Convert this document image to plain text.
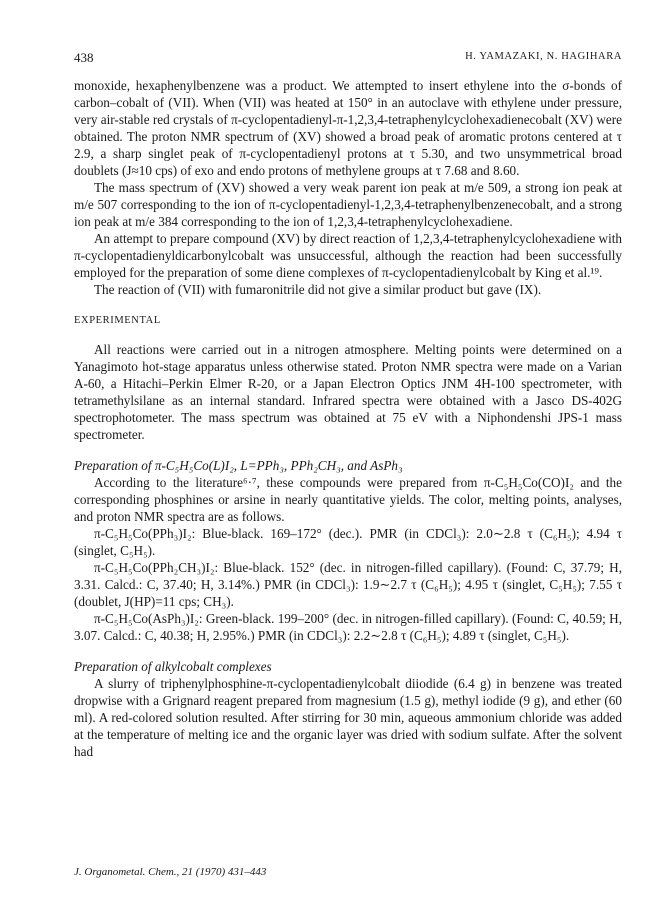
438	H. YAMAZAKI, N. HAGIHARA

monoxide, hexaphenylbenzene was a product. We attempted to insert ethylene into the σ-bonds of carbon–cobalt of (VII). When (VII) was heated at 150° in an autoclave with ethylene under pressure, very air-stable red crystals of π-cyclopentadienyl-π-1,2,3,4-tetraphenylcyclohexadienecobalt (XV) were obtained. The proton NMR spectrum of (XV) showed a broad peak of aromatic protons centered at τ 2.9, a sharp singlet peak of π-cyclopentadienyl protons at τ 5.30, and two unsymmetrical broad doublets (J≈10 cps) of exo and endo protons of methylene groups at τ 7.68 and 8.60.

The mass spectrum of (XV) showed a very weak parent ion peak at m/e 509, a strong ion peak at m/e 507 corresponding to the ion of π-cyclopentadienyl-1,2,3,4-tetraphenylbenzenecobalt, and a strong ion peak at m/e 384 corresponding to the ion of 1,2,3,4-tetraphenylcyclohexadiene.

An attempt to prepare compound (XV) by direct reaction of 1,2,3,4-tetraphenylcyclohexadiene with π-cyclopentadienyldicarbonylcobalt was unsuccessful, although the reaction had been successfully employed for the preparation of some diene complexes of π-cyclopentadienylcobalt by King et al.¹⁹.

The reaction of (VII) with fumaronitrile did not give a similar product but gave (IX).

EXPERIMENTAL

All reactions were carried out in a nitrogen atmosphere. Melting points were determined on a Yanagimoto hot-stage apparatus unless otherwise stated. Proton NMR spectra were made on a Varian A-60, a Hitachi–Perkin Elmer R-20, or a Japan Electron Optics JNM 4H-100 spectrometer, with tetramethylsilane as an internal standard. Infrared spectra were obtained with a Jasco DS-402G spectrophotometer. The mass spectrum was obtained at 75 eV with a Niphondenshi JPS-1 mass spectrometer.

Preparation of π-C₅H₅Co(L)I₂, L=PPh₃, PPh₂CH₃, and AsPh₃

According to the literature⁶·⁷, these compounds were prepared from π-C₅H₅Co(CO)I₂ and the corresponding phosphines or arsine in nearly quantitative yields. The color, melting points, analyses, and proton NMR spectra are as follows.

π-C₅H₅Co(PPh₃)I₂: Blue-black. 169–172° (dec.). PMR (in CDCl₃): 2.0∼2.8 τ (C₆H₅); 4.94 τ (singlet, C₅H₅).

π-C₅H₅Co(PPh₂CH₃)I₂: Blue-black. 152° (dec. in nitrogen-filled capillary). (Found: C, 37.79; H, 3.31. Calcd.: C, 37.40; H, 3.14%.) PMR (in CDCl₃): 1.9∼2.7 τ (C₆H₅); 4.95 τ (singlet, C₅H₅); 7.55 τ (doublet, J(HP)=11 cps; CH₃).

π-C₅H₅Co(AsPh₃)I₂: Green-black. 199–200° (dec. in nitrogen-filled capillary). (Found: C, 40.59; H, 3.07. Calcd.: C, 40.38; H, 2.95%.) PMR (in CDCl₃): 2.2∼2.8 τ (C₆H₅); 4.89 τ (singlet, C₅H₅).

Preparation of alkylcobalt complexes

A slurry of triphenylphosphine-π-cyclopentadienylcobalt diiodide (6.4 g) in benzene was treated dropwise with a Grignard reagent prepared from magnesium (1.5 g), methyl iodide (9 g), and ether (60 ml). A red-colored solution resulted. After stirring for 30 min, aqueous ammonium chloride was added at the temperature of melting ice and the organic layer was dried with sodium sulfate. After the solvent had

J. Organometal. Chem., 21 (1970) 431–443
